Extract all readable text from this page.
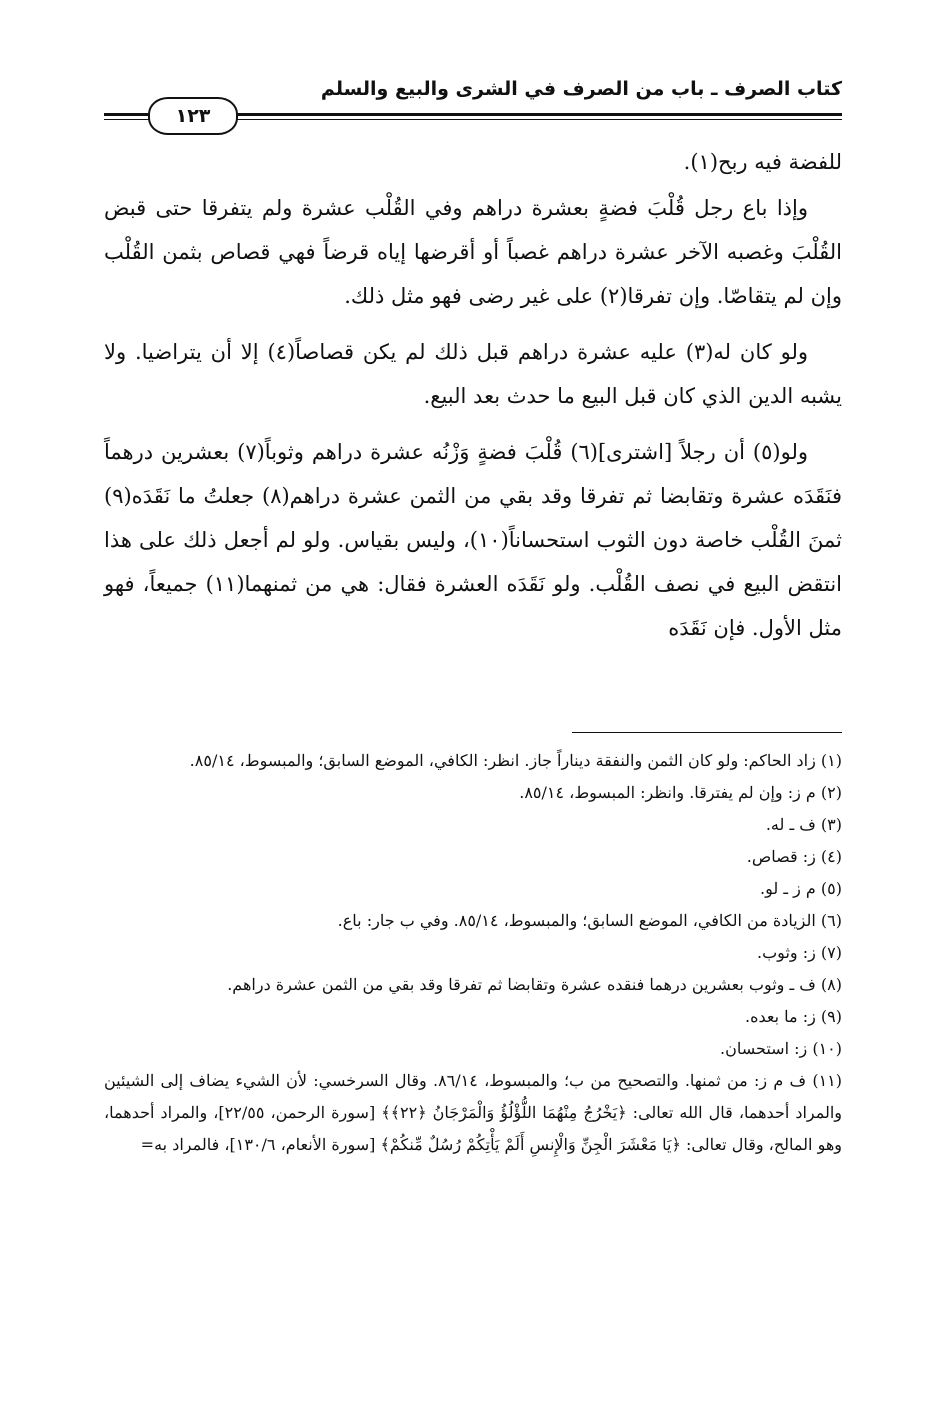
كتاب الصرف ـ باب من الصرف في الشرى والبيع والسلم
١٢٣

للفضة فيه ربح(١).

وإذا باع رجل قُلْبَ فضةٍ بعشرة دراهم وفي القُلْب عشرة ولم يتفرقا حتى قبض القُلْبَ وغصبه الآخر عشرة دراهم غصباً أو أقرضها إياه قرضاً فهي قصاص بثمن القُلْب وإن لم يتقاصّا. وإن تفرقا(٢) على غير رضى فهو مثل ذلك.

ولو كان له(٣) عليه عشرة دراهم قبل ذلك لم يكن قصاصاً(٤) إلا أن يتراضيا. ولا يشبه الدين الذي كان قبل البيع ما حدث بعد البيع.

ولو(٥) أن رجلاً [اشترى](٦) قُلْبَ فضةٍ وَزْنُه عشرة دراهم وثوباً(٧) بعشرين درهماً فنَقَدَه عشرة وتقابضا ثم تفرقا وقد بقي من الثمن عشرة دراهم(٨) جعلتُ ما نَقَدَه(٩) ثمنَ القُلْب خاصة دون الثوب استحساناً(١٠)، وليس بقياس. ولو لم أجعل ذلك على هذا انتقض البيع في نصف القُلْب. ولو نَقَدَه العشرة فقال: هي من ثمنهما(١١) جميعاً، فهو مثل الأول. فإن نَقَدَه

(١) زاد الحاكم: ولو كان الثمن والنفقة ديناراً جاز. انظر: الكافي، الموضع السابق؛ والمبسوط، ٨٥/١٤.

(٢) م ز: وإن لم يفترقا. وانظر: المبسوط، ٨٥/١٤.

(٣) ف ـ له.

(٤) ز: قصاص.

(٥) م ز ـ لو.

(٦) الزيادة من الكافي، الموضع السابق؛ والمبسوط، ٨٥/١٤. وفي ب جار: باع.

(٧) ز: وثوب.

(٨) ف ـ وثوب بعشرين درهما فنقده عشرة وتقابضا ثم تفرقا وقد بقي من الثمن عشرة دراهم.

(٩) ز: ما بعده.

(١٠) ز: استحسان.

(١١) ف م ز: من ثمنها. والتصحيح من ب؛ والمبسوط، ٨٦/١٤. وقال السرخسي: لأن الشيء يضاف إلى الشيئين والمراد أحدهما، قال الله تعالى: ﴿يَخْرُجُ مِنْهُمَا اللُّؤْلُؤُ وَالْمَرْجَانُ ﴿٢٢﴾﴾ [سورة الرحمن، ٢٢/٥٥]، والمراد أحدهما، وهو المالح، وقال تعالى: ﴿يَا مَعْشَرَ الْجِنِّ وَالْإِنسِ أَلَمْ يَأْتِكُمْ رُسُلٌ مِّنكُمْ﴾ [سورة الأنعام، ١٣٠/٦]، فالمراد به=
